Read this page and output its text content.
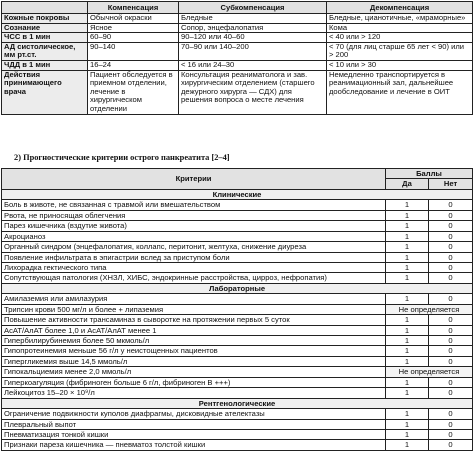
	Компенсация	Субкомпенсация	Декомпенсация
Кожные покровы	Обычной окраски	Бледные	Бледные, цианотичные, «мраморные»
Сознание	Ясное	Сопор, энцефалопатия	Кома
ЧСС в 1 мин	60–90	90–120 или 40–60	< 40 или > 120
АД систолическое, мм рт.ст.	90–140	70–90 или 140–200	< 70 (для лиц старше 65 лет < 90) или > 200
ЧДД в 1 мин	16–24	< 16 или 24–30	< 10 или > 30
Действия принимающего врача	Пациент обследуется в приемном отделении, лечение в хирургическом отделении	Консультация реаниматолога и зав. хирургическим отделением (старшего дежурного хирурга — СДХ) для решения вопроса о месте лечения	Немедленно транспортируется в реанимационный зал, дальнейшее дообследование и лечение в ОИТ
2) Прогностические критерии острого панкреатита [2–4]
Критерии	Баллы	
	Да	Нет
Клинические		
Боль в животе, не связанная с травмой или вмешательством	1	0
Рвота, не приносящая облегчения	1	0
Парез кишечника (вздутие живота)	1	0
Акроцианоз	1	0
Органный синдром (энцефалопатия, коллапс, перитонит, желтуха, снижение диуреза	1	0
Появление инфильтрата в эпигастрии вслед за приступом боли	1	0
Лихорадка гектического типа	1	0
Сопутствующая патология (ХНЗЛ, ХИБС, эндокринные расстройства, цирроз, нефропатия)	1	0
Лабораторные		
Амилаземия или амилазурия	1	0
Трипсин крови 500 мг/л и более + липаземия	Не определяется	
Повышение активности трансаминаз в сыворотке на протяжении первых 5 суток	1	0
АсАТ/АлАТ более 1,0 и АсАТ/АлАТ менее 1	1	0
Гипербилирубинемия более 50 мкмоль/л	1	0
Гипопротеинемия меньше 56 г/л у неистощенных пациентов	1	0
Гипергликемия выше 14,5 ммоль/л	1	0
Гипокальциемия менее 2,0 ммоль/л	Не определяется	
Гиперкоагуляция (фибриноген больше 6 г/л, фибриноген B +++)	1	0
Лейкоцитоз 15–20 × 10⁹/л	1	0
Рентгенологические		
Ограничение подвижности куполов диафрагмы, дисковидные ателектазы	1	0
Плевральный выпот	1	0
Пневматизация тонкой кишки	1	0
Признаки пареза кишечника — пневматоз толстой кишки	1	0
